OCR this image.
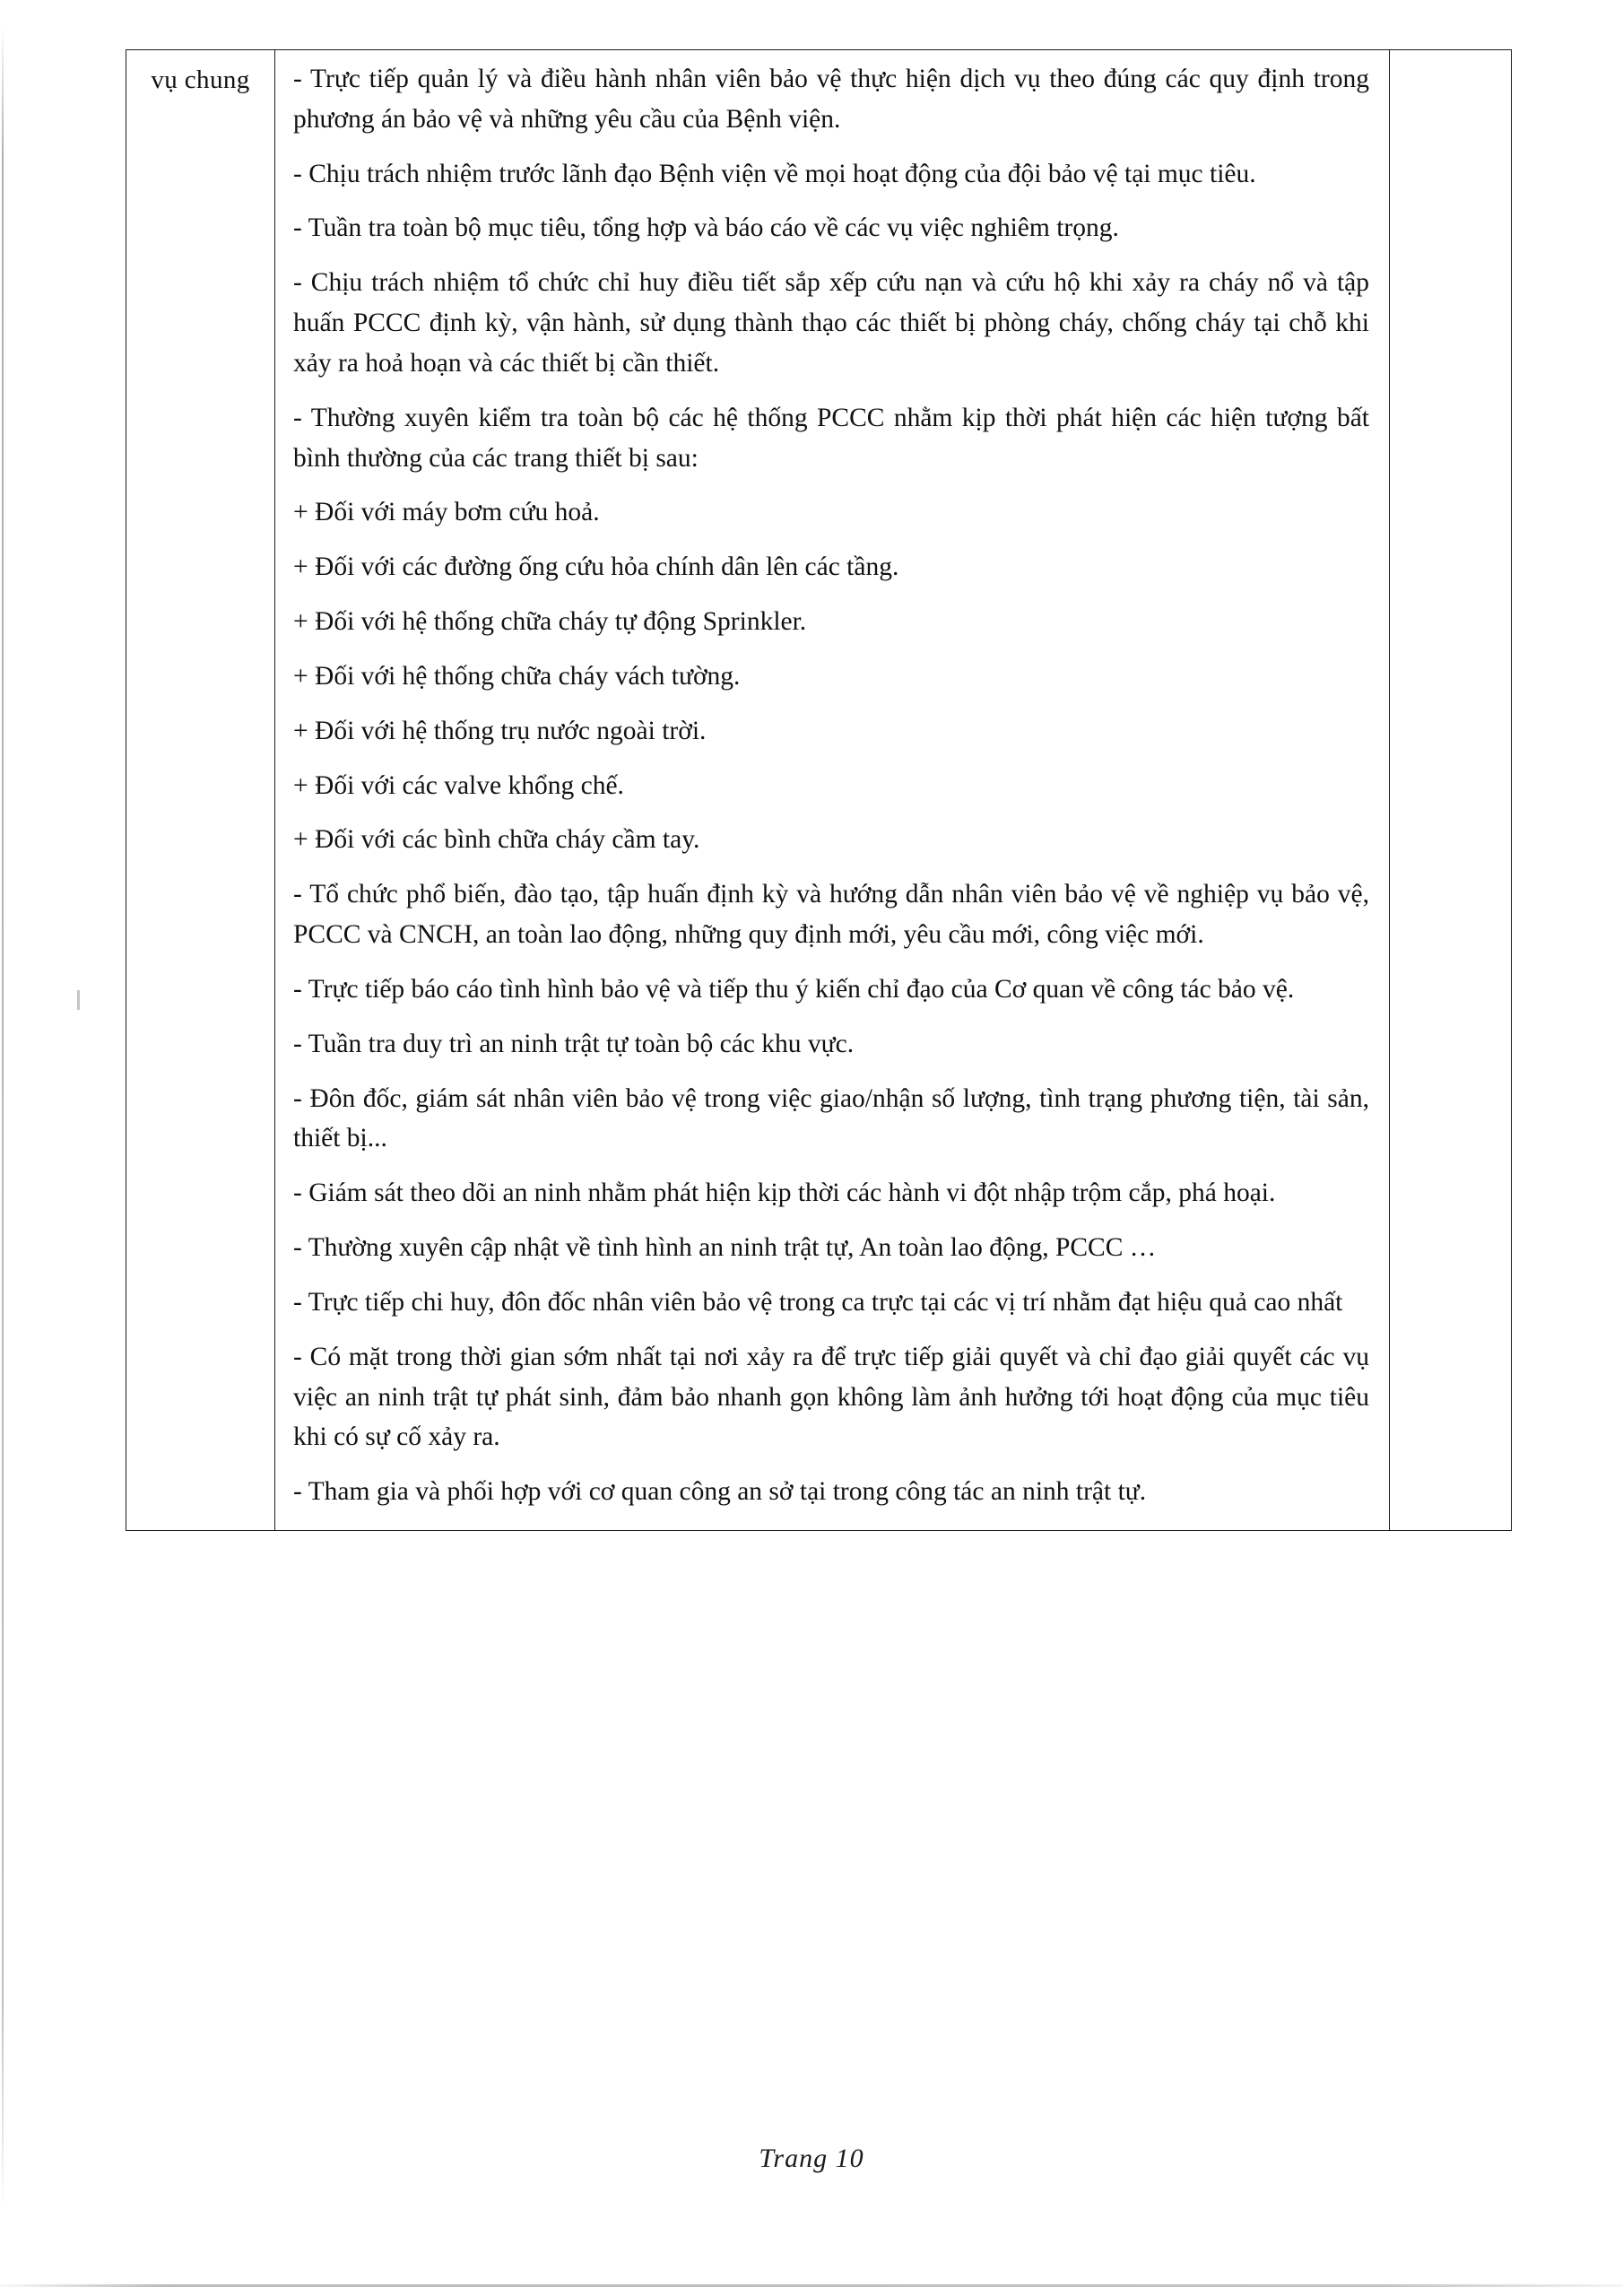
vụ chung	- Trực tiếp quản lý và điều hành nhân viên bảo vệ thực hiện dịch vụ theo đúng các quy định trong phương án bảo vệ và những yêu cầu của Bệnh viện.

- Chịu trách nhiệm trước lãnh đạo Bệnh viện về mọi hoạt động của đội bảo vệ tại mục tiêu.

- Tuần tra toàn bộ mục tiêu, tổng hợp và báo cáo về các vụ việc nghiêm trọng.

- Chịu trách nhiệm tổ chức chỉ huy điều tiết sắp xếp cứu nạn và cứu hộ khi xảy ra cháy nổ và tập huấn PCCC định kỳ, vận hành, sử dụng thành thạo các thiết bị phòng cháy, chống cháy tại chỗ khi xảy ra hoả hoạn và các thiết bị cần thiết.

- Thường xuyên kiểm tra toàn bộ các hệ thống PCCC nhằm kịp thời phát hiện các hiện tượng bất bình thường của các trang thiết bị sau:

+ Đối với máy bơm cứu hoả.

+ Đối với các đường ống cứu hỏa chính dân lên các tầng.

+ Đối với hệ thống chữa cháy tự động Sprinkler.

+ Đối với hệ thống chữa cháy vách tường.

+ Đối với hệ thống trụ nước ngoài trời.

+ Đối với các valve khổng chế.

+ Đối với các bình chữa cháy cầm tay.

- Tổ chức phổ biến, đào tạo, tập huấn định kỳ và hướng dẫn nhân viên bảo vệ về nghiệp vụ bảo vệ, PCCC và CNCH, an toàn lao động, những quy định mới, yêu cầu mới, công việc mới.

- Trực tiếp báo cáo tình hình bảo vệ và tiếp thu ý kiến chỉ đạo của Cơ quan về công tác bảo vệ.

- Tuần tra duy trì an ninh trật tự toàn bộ các khu vực.

- Đôn đốc, giám sát nhân viên bảo vệ trong việc giao/nhận số lượng, tình trạng phương tiện, tài sản, thiết bị...

- Giám sát theo dõi an ninh nhằm phát hiện kịp thời các hành vi đột nhập trộm cắp, phá hoại.

- Thường xuyên cập nhật về tình hình an ninh trật tự, An toàn lao động, PCCC …

- Trực tiếp chi huy, đôn đốc nhân viên bảo vệ trong ca trực tại các vị trí nhằm đạt hiệu quả cao nhất

- Có mặt trong thời gian sớm nhất tại nơi xảy ra để trực tiếp giải quyết và chỉ đạo giải quyết các vụ việc an ninh trật tự phát sinh, đảm bảo nhanh gọn không làm ảnh hưởng tới hoạt động của mục tiêu khi có sự cố xảy ra.

- Tham gia và phối hợp với cơ quan công an sở tại trong công tác an ninh trật tự.

Trang 10
